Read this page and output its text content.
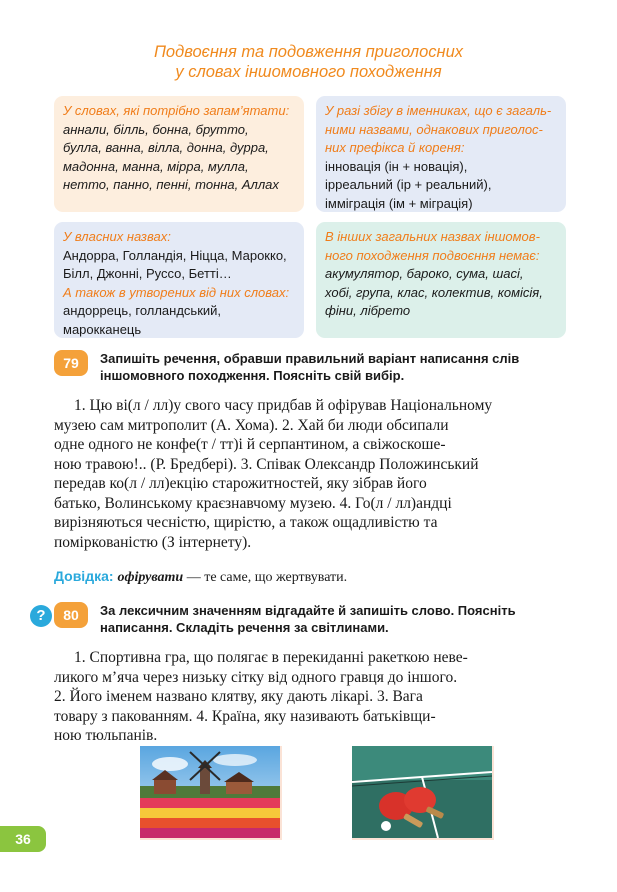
Подвоєння та подовження приголосних
у словах іншомовного походження
У словах, які потрібно запам’ятати:
аннали, білль, бонна, брутто,
булла, ванна, вілла, донна, дурра,
мадонна, манна, мірра, мулла,
нетто, панно, пенні, тонна, Аллах
У разі збігу в іменниках, що є загаль-
ними назвами, однакових приголос-
них префікса й кореня:
інновація (ін + новація),
ірреальний (ір + реальний),
імміграція (ім + міграція)
У власних назвах:
Андорра, Голландія, Ніцца, Марокко,
Білл, Джонні, Руссо, Бетті…
А також в утворених від них словах:
андоррець, голландський,
марокканець
В інших загальних назвах іншомов-
ного походження подвоєння немає:
акумулятор, бароко, сума, шасі,
хобі, група, клас, колектив, комісія,
фіни, лібрето
79	Запишіть речення, обравши правильний варіант написання слів
іншомовного походження. Поясніть свій вибір.
1. Цю ві(л / лл)у свого часу придбав й офірував Національному
музею сам митрополит (А. Хома). 2. Хай би люди обсипали
одне одного не конфе(т / тт)і й серпантином, а свіжоскоше-
ною травою!.. (Р. Бредбері). 3. Співак Олександр Положинський
передав ко(л / лл)екцію старожитностей, яку зібрав його
батько, Волинському краєзнавчому музею. 4. Го(л / лл)андці
вирізняються чесністю, щирістю, а також ощадливістю та
поміркованістю (З інтернету).
Довідка: офірувати — те саме, що жертвувати.
?	80	За лексичним значенням відгадайте й запишіть слово. Поясніть
написання. Складіть речення за світлинами.
1. Спортивна гра, що полягає в перекиданні ракеткою неве-
ликого м’яча через низьку сітку від одного гравця до іншого.
2. Його іменем названо клятву, яку дають лікарі. 3. Вага
товару з пакованням. 4. Країна, яку називають батьківщи-
ною тюльпанів.
36
